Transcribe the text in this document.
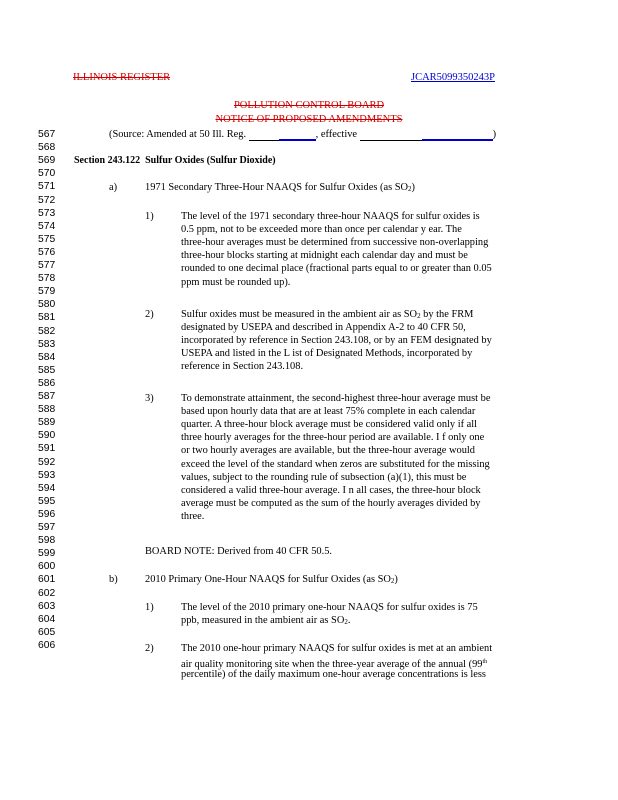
ILLINOIS REGISTER	JCAR5099350243P
POLLUTION CONTROL BOARD
NOTICE OF PROPOSED AMENDMENTS
567
568
569
570
571
572
573
574
575
576
577
578
579
580
581
582
583
584
585
586
587
588
589
590
591
592
593
594
595
596
597
598
599
600
601
602
603
604
605
606
(Source: Amended at 50 Ill. Reg.	, effective	)
Section 243.122 Sulfur Oxides (Sulfur Dioxide)
a)	1971 Secondary Three-Hour NAAQS for Sulfur Oxides (as $SO_2$)
1)	The level of the 1971 secondary three-hour NAAQS for sulfur oxides is
0.5 ppm, not to be exceeded more than once per calendar y ear. The
three-hour averages must be determined from successive non-overlapping
three-hour blocks starting at midnight each calendar day and must be
rounded to one decimal place (fractional parts equal to or greater than 0.05
ppm must be rounded up).
2)	Sulfur oxides must be measured in the ambient air as $SO_2$ by the FRM
designated by USEPA and described in Appendix A-2 to 40 CFR 50,
incorporated by reference in Section 243.108, or by an FEM designated by
USEPA and listed in the L ist of Designated Methods, incorporated by
reference in Section 243.108.
3)	To demonstrate attainment, the second-highest three-hour average must be
based upon hourly data that are at least 75% complete in each calendar
quarter. A three-hour block average must be considered valid only if all
three hourly averages for the three-hour period are available. I f only one
or two hourly averages are available, but the three-hour average would
exceed the level of the standard when zeros are substituted for the missing
values, subject to the rounding rule of subsection (a)(1), this must be
considered a valid three-hour average. I n all cases, the three-hour block
average must be computed as the sum of the hourly averages divided by
three.
BOARD NOTE: Derived from 40 CFR 50.5.
b)	2010 Primary One-Hour NAAQS for Sulfur Oxides (as $SO_2$)
1)	The level of the 2010 primary one-hour NAAQS for sulfur oxides is 75
ppb, measured in the ambient air as $SO_2$.
2)	The 2010 one-hour primary NAAQS for sulfur oxides is met at an ambient
air quality monitoring site when the three-year average of the annual (99th
percentile) of the daily maximum one-hour average concentrations is less
